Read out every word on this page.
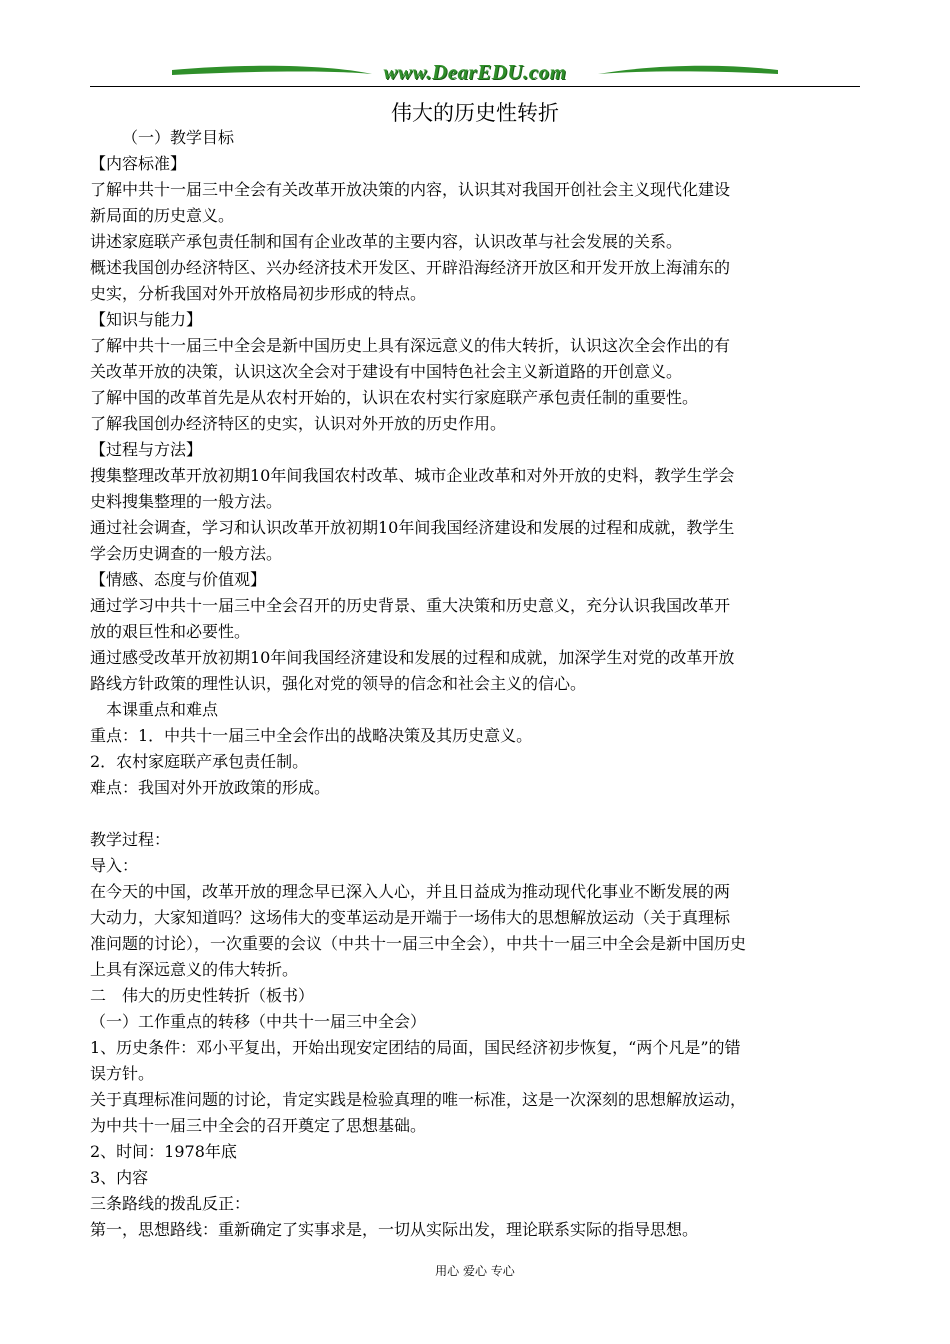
www.DearEDU.com
伟大的历史性转折

（一）教学目标

【内容标准】

了解中共十一届三中全会有关改革开放决策的内容，认识其对我国开创社会主义现代化建设

新局面的历史意义。

讲述家庭联产承包责任制和国有企业改革的主要内容，认识改革与社会发展的关系。

概述我国创办经济特区、兴办经济技术开发区、开辟沿海经济开放区和开发开放上海浦东的

史实，分析我国对外开放格局初步形成的特点。

【知识与能力】

了解中共十一届三中全会是新中国历史上具有深远意义的伟大转折，认识这次全会作出的有

关改革开放的决策，认识这次全会对于建设有中国特色社会主义新道路的开创意义。

了解中国的改革首先是从农村开始的，认识在农村实行家庭联产承包责任制的重要性。

了解我国创办经济特区的史实，认识对外开放的历史作用。

【过程与方法】

搜集整理改革开放初期10年间我国农村改革、城市企业改革和对外开放的史料，教学生学会

史料搜集整理的一般方法。

通过社会调查，学习和认识改革开放初期10年间我国经济建设和发展的过程和成就，教学生

学会历史调查的一般方法。

【情感、态度与价值观】

通过学习中共十一届三中全会召开的历史背景、重大决策和历史意义，充分认识我国改革开

放的艰巨性和必要性。

通过感受改革开放初期10年间我国经济建设和发展的过程和成就，加深学生对党的改革开放

路线方针政策的理性认识，强化对党的领导的信念和社会主义的信心。

本课重点和难点

重点：1．中共十一届三中全会作出的战略决策及其历史意义。

2．农村家庭联产承包责任制。

难点：我国对外开放政策的形成。

教学过程：

导入：

在今天的中国，改革开放的理念早已深入人心，并且日益成为推动现代化事业不断发展的两

大动力，大家知道吗？这场伟大的变革运动是开端于一场伟大的思想解放运动（关于真理标

准问题的讨论），一次重要的会议（中共十一届三中全会），中共十一届三中全会是新中国历史

上具有深远意义的伟大转折。

二　伟大的历史性转折（板书）

（一）工作重点的转移（中共十一届三中全会）

1、历史条件：邓小平复出，开始出现安定团结的局面，国民经济初步恢复，“两个凡是”的错

误方针。

关于真理标准问题的讨论，肯定实践是检验真理的唯一标准，这是一次深刻的思想解放运动，

为中共十一届三中全会的召开奠定了思想基础。

2、时间：1978年底

3、内容

三条路线的拨乱反正：

第一，思想路线：重新确定了实事求是，一切从实际出发，理论联系实际的指导思想。

用心 爱心 专心
